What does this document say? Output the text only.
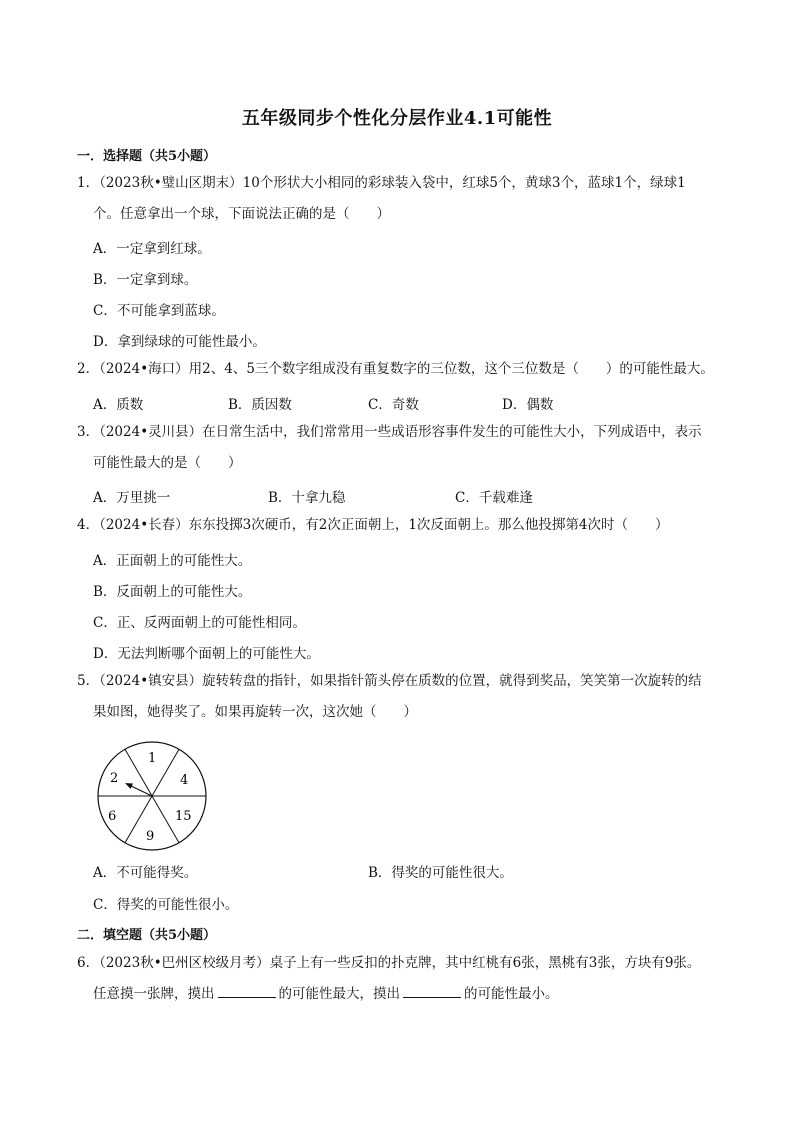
五年级同步个性化分层作业4.1可能性
一．选择题（共5小题）
1．（2023秋•璧山区期末）10个形状大小相同的彩球装入袋中，红球5个，黄球3个，蓝球1个，绿球1
个。任意拿出一个球，下面说法正确的是（　　）
A．一定拿到红球。
B．一定拿到球。
C．不可能拿到蓝球。
D．拿到绿球的可能性最小。
2．（2024•海口）用2、4、5三个数字组成没有重复数字的三位数，这个三位数是（　　）的可能性最大。
A．质数	B．质因数	C．奇数	D．偶数
3．（2024•灵川县）在日常生活中，我们常常用一些成语形容事件发生的可能性大小，下列成语中，表示
可能性最大的是（　　）
A．万里挑一	B．十拿九稳	C．千载难逢
4．（2024•长春）东东投掷3次硬币，有2次正面朝上，1次反面朝上。那么他投掷第4次时（　　）
A．正面朝上的可能性大。
B．反面朝上的可能性大。
C．正、反两面朝上的可能性相同。
D．无法判断哪个面朝上的可能性大。
5．（2024•镇安县）旋转转盘的指针，如果指针箭头停在质数的位置，就得到奖品，笑笑第一次旋转的结
果如图，她得奖了。如果再旋转一次，这次她（　　）
1
4
15
9
6
2
A．不可能得奖。	B．得奖的可能性很大。
C．得奖的可能性很小。
二．填空题（共5小题）
6．（2023秋•巴州区校级月考）桌子上有一些反扣的扑克牌，其中红桃有6张，黑桃有3张，方块有9张。
任意摸一张牌，摸出	的可能性最大，摸出	的可能性最小。
